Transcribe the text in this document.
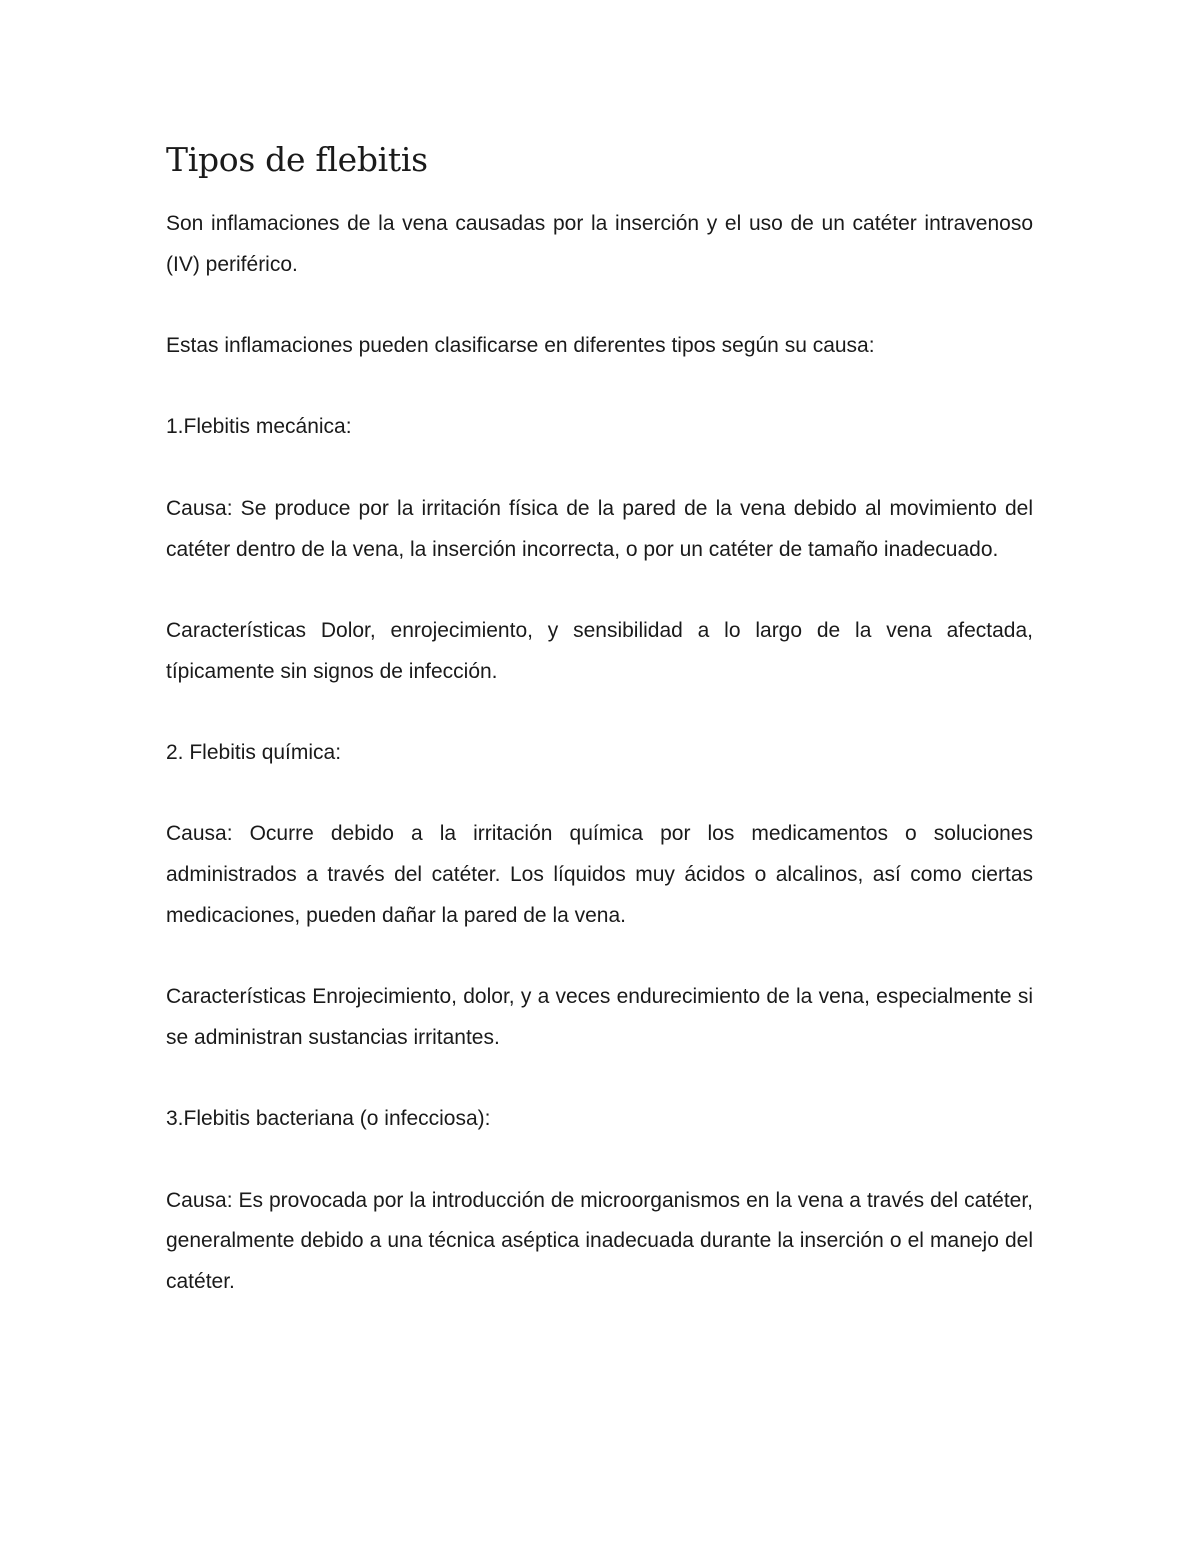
Tipos de flebitis

Son inflamaciones de la vena causadas por la inserción y el uso de un catéter intravenoso (IV) periférico.

Estas inflamaciones pueden clasificarse en diferentes tipos según su causa:

1.Flebitis mecánica:

Causa: Se produce por la irritación física de la pared de la vena debido al movimiento del catéter dentro de la vena, la inserción incorrecta, o por un catéter de tamaño inadecuado.

Características Dolor, enrojecimiento, y sensibilidad a lo largo de la vena afectada, típicamente sin signos de infección.

2. Flebitis química:

Causa: Ocurre debido a la irritación química por los medicamentos o soluciones administrados a través del catéter. Los líquidos muy ácidos o alcalinos, así como ciertas medicaciones, pueden dañar la pared de la vena.

Características Enrojecimiento, dolor, y a veces endurecimiento de la vena, especialmente si se administran sustancias irritantes.

3.Flebitis bacteriana (o infecciosa):

Causa: Es provocada por la introducción de microorganismos en la vena a través del catéter, generalmente debido a una técnica aséptica inadecuada durante la inserción o el manejo del catéter.
